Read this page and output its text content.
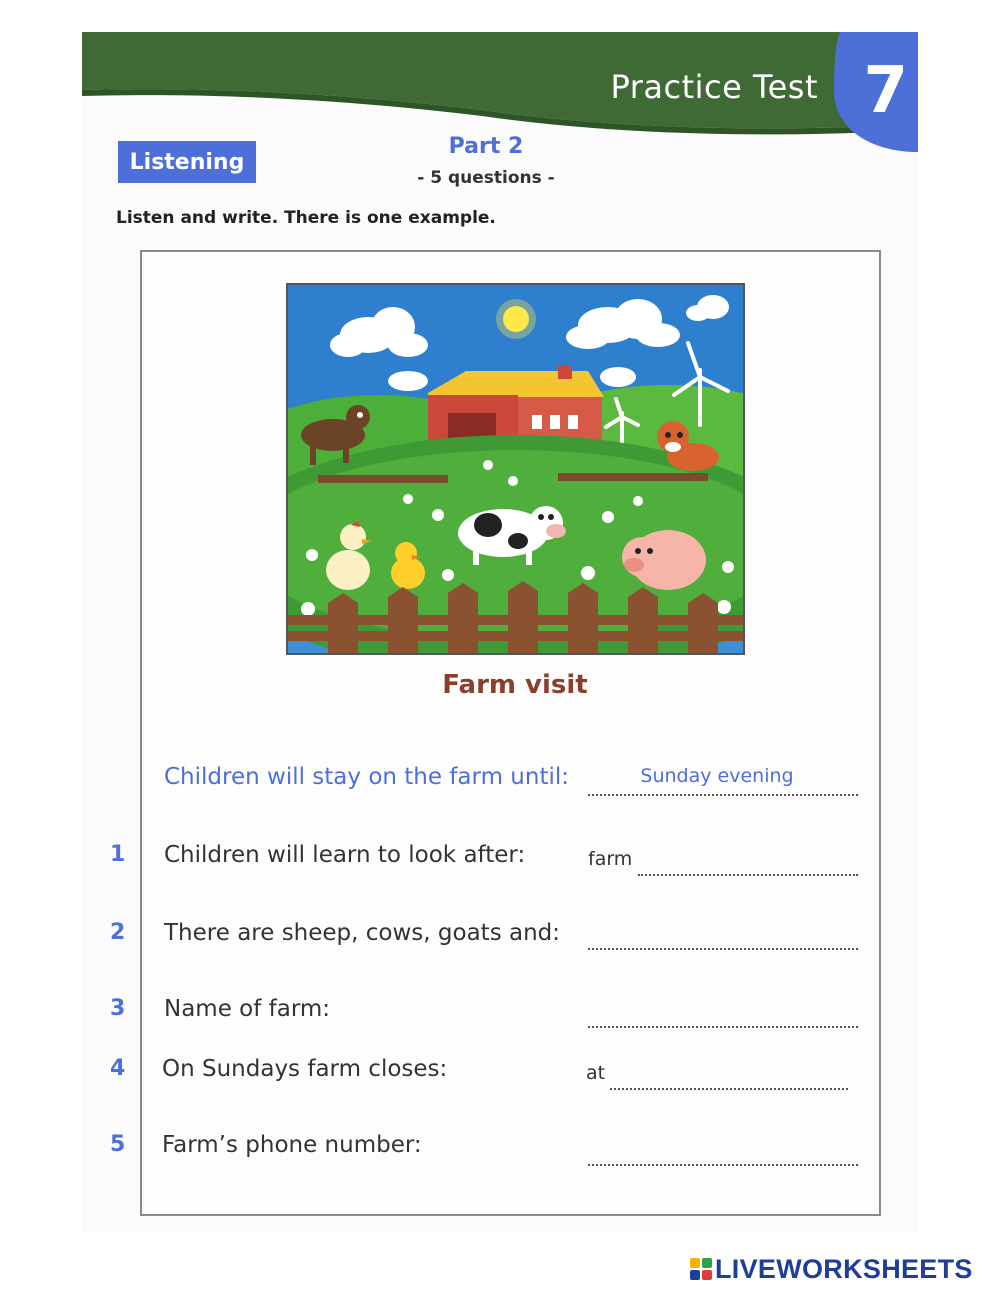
Practice Test 7
Listening
Part 2
- 5 questions -
Listen and write. There is one example.
Farm visit
Children will stay on the farm until:	Sunday evening
1 Children will learn to look after:	farm
2 There are sheep, cows, goats and:
3 Name of farm:
4 On Sundays farm closes:	at
5 Farm’s phone number:
LIVEWORKSHEETS
